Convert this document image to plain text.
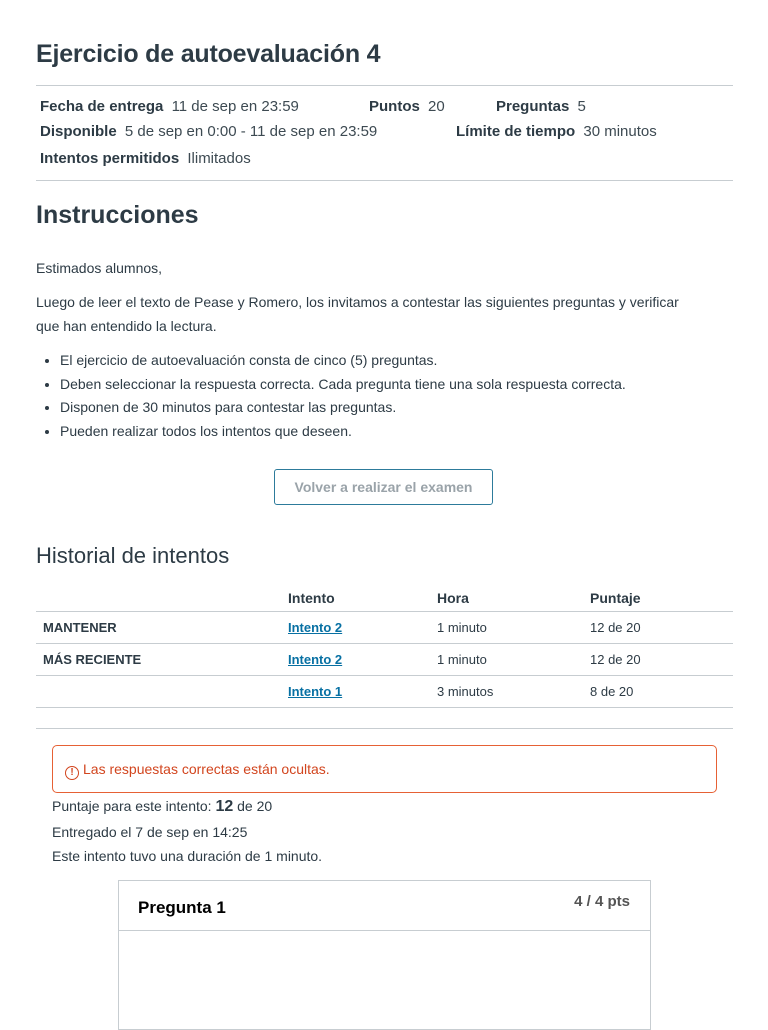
Ejercicio de autoevaluación 4
Fecha de entrega 11 de sep en 23:59	Puntos 20	Preguntas 5
Disponible 5 de sep en 0:00 - 11 de sep en 23:59	Límite de tiempo 30 minutos
Intentos permitidos Ilimitados
Instrucciones

Estimados alumnos,

Luego de leer el texto de Pease y Romero, los invitamos a contestar las siguientes preguntas y verificar

que han entendido la lectura.

• El ejercicio de autoevaluación consta de cinco (5) preguntas.
• Deben seleccionar la respuesta correcta. Cada pregunta tiene una sola respuesta correcta.
• Disponen de 30 minutos para contestar las preguntas.
• Pueden realizar todos los intentos que deseen.
Volver a realizar el examen
Historial de intentos
	Intento	Hora	Puntaje
MANTENER	Intento 2	1 minuto	12 de 20
MÁS RECIENTE	Intento 2	1 minuto	12 de 20
	Intento 1	3 minutos	8 de 20
! Las respuestas correctas están ocultas.
Puntaje para este intento: 12 de 20
Entregado el 7 de sep en 14:25
Este intento tuvo una duración de 1 minuto.
Pregunta 1	4 / 4 pts
